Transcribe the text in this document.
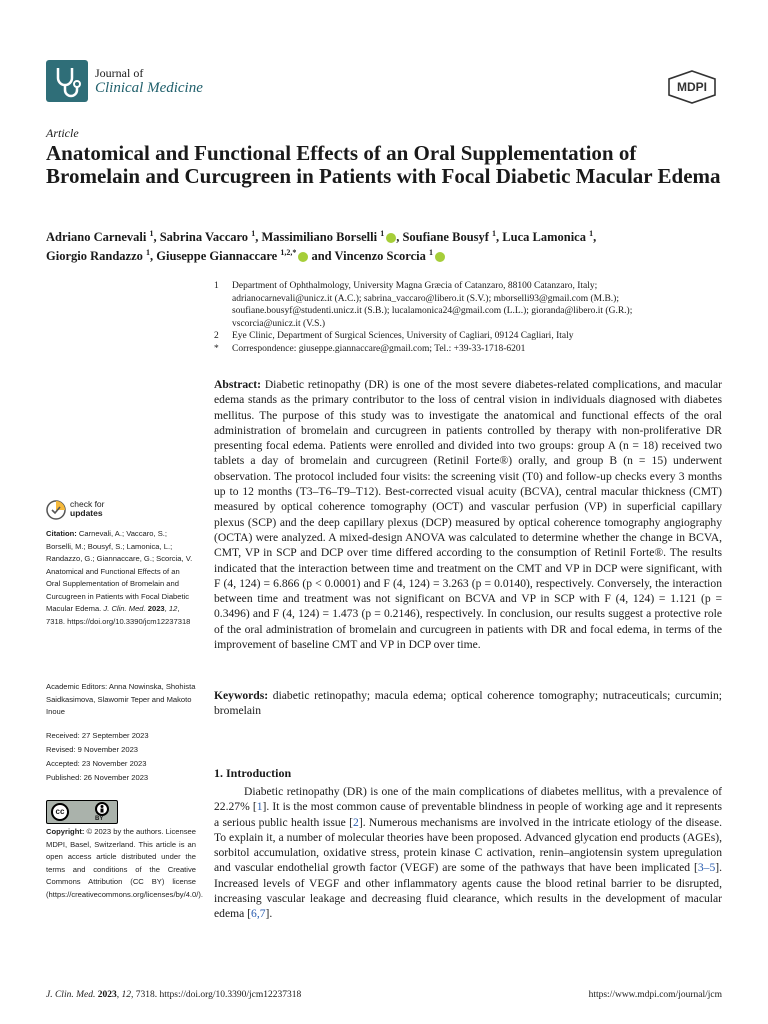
Journal of
Clinical Medicine	MDPI
Article
Anatomical and Functional Effects of an Oral Supplementation of Bromelain and Curcugreen in Patients with Focal Diabetic Macular Edema
Adriano Carnevali $^1$, Sabrina Vaccaro $^1$, Massimiliano Borselli $^1$ , Soufiane Bousyf $^1$, Luca Lamonica $^1$,
Giorgio Randazzo $^1$, Giuseppe Giannaccare $^{1,2,*}$ and Vincenzo Scorcia $^1$
1 Department of Ophthalmology, University Magna Græcia of Catanzaro, 88100 Catanzaro, Italy;
adrianocarnevali@unicz.it (A.C.); sabrina_vaccaro@libero.it (S.V.); mborselli93@gmail.com (M.B.);
soufiane.bousyf@studenti.unicz.it (S.B.); lucalamonica24@gmail.com (L.L.); gioranda@libero.it (G.R.);
vscorcia@unicz.it (V.S.)
2 Eye Clinic, Department of Surgical Sciences, University of Cagliari, 09124 Cagliari, Italy
* Correspondence: giuseppe.giannaccare@gmail.com; Tel.: +39-33-1718-6201
check for
updates
Citation: Carnevali, A.; Vaccaro, S.; Borselli, M.; Bousyf, S.; Lamonica, L.; Randazzo, G.; Giannaccare, G.; Scorcia, V. Anatomical and Functional Effects of an Oral Supplementation of Bromelain and Curcugreen in Patients with Focal Diabetic Macular Edema. J. Clin. Med. 2023, 12, 7318. https://doi.org/10.3390/jcm12237318
Academic Editors: Anna Nowinska, Shohista Saidkasimova, Slawomir Teper and Makoto Inoue
Received: 27 September 2023
Revised: 9 November 2023
Accepted: 23 November 2023
Published: 26 November 2023
cc
BY
Copyright: © 2023 by the authors. Licensee MDPI, Basel, Switzerland. This article is an open access article distributed under the terms and conditions of the Creative Commons Attribution (CC BY) license (https://creativecommons.org/licenses/by/4.0/).
Abstract: Diabetic retinopathy (DR) is one of the most severe diabetes-related complications, and macular edema stands as the primary contributor to the loss of central vision in individuals diagnosed with diabetes mellitus. The purpose of this study was to investigate the anatomical and functional effects of the oral administration of bromelain and curcugreen in patients controlled by therapy with non-proliferative DR presenting focal edema. Patients were enrolled and divided into two groups: group A (n = 18) received two tablets a day of bromelain and curcugreen (Retinil Forte®) orally, and group B (n = 15) underwent observation. The protocol included four visits: the screening visit (T0) and follow-up checks every 3 months up to 12 months (T3–T6–T9–T12). Best-corrected visual acuity (BCVA), central macular thickness (CMT) measured by optical coherence tomography (OCT) and vascular perfusion (VP) in superficial capillary plexus (SCP) and the deep capillary plexus (DCP) measured by optical coherence tomography angiography (OCTA) were analyzed. A mixed-design ANOVA was calculated to determine whether the change in BCVA, CMT, VP in SCP and DCP over time differed according to the consumption of Retinil Forte®. The results indicated that the interaction between time and treatment on the CMT and VP in DCP were significant, with F (4, 124) = 6.866 (p < 0.0001) and F (4, 124) = 3.263 (p = 0.0140), respectively. Conversely, the interaction between time and treatment was not significant on BCVA and VP in SCP with F (4, 124) = 1.121 (p = 0.3496) and F (4, 124) = 1.473 (p = 0.2146), respectively. In conclusion, our results suggest a protective role of the oral administration of bromelain and curcugreen in patients with DR and focal edema, in terms of the improvement of baseline CMT and VP in DCP over time.
Keywords: diabetic retinopathy; macula edema; optical coherence tomography; nutraceuticals; curcumin; bromelain
1. Introduction
Diabetic retinopathy (DR) is one of the main complications of diabetes mellitus, with a prevalence of 22.27% [1]. It is the most common cause of preventable blindness in people of working age and it represents a serious public health issue [2]. Numerous mechanisms are involved in the intricate etiology of the disease. To explain it, a number of molecular theories have been proposed. Advanced glycation end products (AGEs), sorbitol accumulation, oxidative stress, protein kinase C activation, renin–angiotensin system upregulation and vascular endothelial growth factor (VEGF) are some of the pathways that have been implicated [3–5]. Increased levels of VEGF and other inflammatory agents cause the blood retinal barrier to be disrupted, increasing vascular leakage and decreasing fluid clearance, which results in the development of macular edema [6,7].
J. Clin. Med. 2023, 12, 7318. https://doi.org/10.3390/jcm12237318	https://www.mdpi.com/journal/jcm
